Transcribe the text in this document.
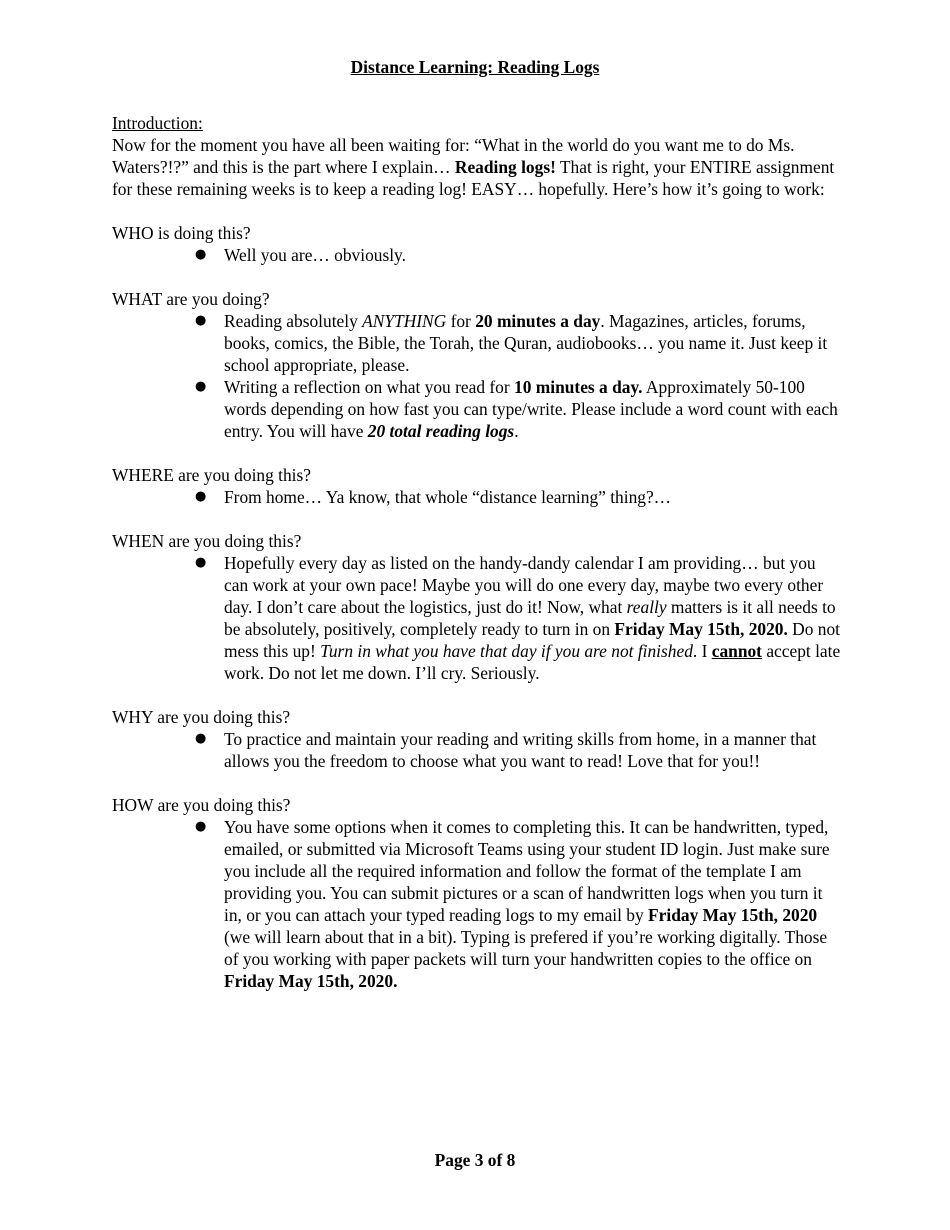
Distance Learning: Reading Logs

Introduction:

Now for the moment you have all been waiting for: “What in the world do you want me to do Ms. Waters?!?” and this is the part where I explain… Reading logs! That is right, your ENTIRE assignment for these remaining weeks is to keep a reading log! EASY… hopefully. Here’s how it’s going to work:

WHO is doing this?

● Well you are… obviously.

WHAT are you doing?

● Reading absolutely ANYTHING for 20 minutes a day. Magazines, articles, forums, books, comics, the Bible, the Torah, the Quran, audiobooks… you name it. Just keep it school appropriate, please.
● Writing a reflection on what you read for 10 minutes a day. Approximately 50-100 words depending on how fast you can type/write. Please include a word count with each entry. You will have 20 total reading logs.

WHERE are you doing this?

● From home… Ya know, that whole “distance learning” thing?…

WHEN are you doing this?

● Hopefully every day as listed on the handy-dandy calendar I am providing… but you can work at your own pace! Maybe you will do one every day, maybe two every other day. I don’t care about the logistics, just do it! Now, what really matters is it all needs to be absolutely, positively, completely ready to turn in on Friday May 15th, 2020. Do not mess this up! Turn in what you have that day if you are not finished. I cannot accept late work. Do not let me down. I’ll cry. Seriously.

WHY are you doing this?

● To practice and maintain your reading and writing skills from home, in a manner that allows you the freedom to choose what you want to read! Love that for you!!

HOW are you doing this?

● You have some options when it comes to completing this. It can be handwritten, typed, emailed, or submitted via Microsoft Teams using your student ID login. Just make sure you include all the required information and follow the format of the template I am providing you. You can submit pictures or a scan of handwritten logs when you turn it in, or you can attach your typed reading logs to my email by Friday May 15th, 2020 (we will learn about that in a bit). Typing is prefered if you’re working digitally. Those of you working with paper packets will turn your handwritten copies to the office on Friday May 15th, 2020.
Page 3 of 8
